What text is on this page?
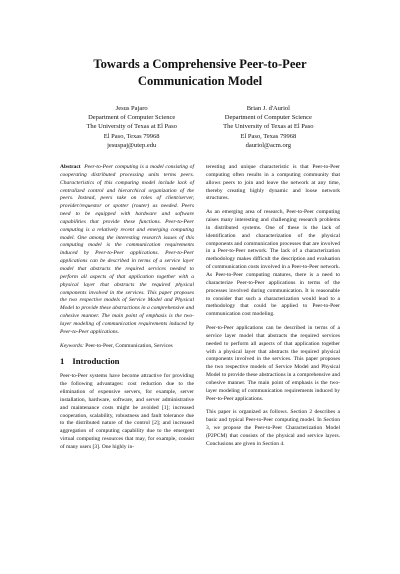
Towards a Comprehensive Peer-to-Peer
Communication Model
Jesus Pajaro
Department of Computer Science
The University of Texas at El Paso
El Paso, Texas 79968
jesuspaj@utep.edu
Brian J. d'Auriol
Department of Computer Science
The University of Texas at El Paso
El Paso, Texas 79968
dauriol@acm.org

Abstract Peer-to-Peer computing is a model consisting of cooperating distributed processing units terms peers. Characteristics of this computing model include lack of centralized control and hierarchical organization of the peers. Instead, peers take on roles of client/server, provider/requestor or spotter (router) as needed. Peers need to be equipped with hardware and software capabilities that provide these functions. Peer-to-Peer computing is a relatively recent and emerging computing model. One among the interesting research issues of this computing model is the communication requirements induced by Peer-to-Peer applications. Peer-to-Peer applications can be described in terms of a service layer model that abstracts the required services needed to perform all aspects of that application together with a physical layer that abstracts the required physical components involved in the services. This paper proposes the two respective models of Service Model and Physical Model to provide these abstractions in a comprehensive and cohesive manner. The main point of emphasis is the two-layer modeling of communication requirements induced by Peer-to-Peer applications.

Keywords: Peer-to-Peer, Communication, Services

1 Introduction

Peer-to-Peer systems have become attractive for providing the following advantages: cost reduction due to the elimination of expensive servers, for example, server installation, hardware, software, and server administrative and maintenance costs might be avoided [1]; increased cooperation, scalability, robustness and fault tolerance due to the distributed nature of the control [2]; and increased aggregation of computing capability due to the emergent virtual computing resources that may, for example, consist of many users [3]. One highly in-

teresting and unique characteristic is that Peer-to-Peer computing often results in a computing community that allows peers to join and leave the network at any time, thereby creating highly dynamic and loose network structures.

As an emerging area of research, Peer-to-Peer computing raises many interesting and challenging research problems in distributed systems. One of these is the lack of identification and characterization of the physical components and communication processes that are involved in a Peer-to-Peer network. The lack of a characterization methodology makes difficult the description and evaluation of communication costs involved in a Peer-to-Peer network. As Peer-to-Peer computing matures, there is a need to characterize Peer-to-Peer applications in terms of the processes involved during communication. It is reasonable to consider that such a characterization would lead to a methodology that could be applied to Peer-to-Peer communication cost modeling.

Peer-to-Peer applications can be described in terms of a service layer model that abstracts the required services needed to perform all aspects of that application together with a physical layer that abstracts the required physical components involved in the services. This paper proposes the two respective models of Service Model and Physical Model to provide these abstractions in a comprehensive and cohesive manner. The main point of emphasis is the two-layer modeling of communication requirements induced by Peer-to-Peer applications.

This paper is organized as follows. Section 2 describes a basic and typical Peer-to-Peer computing model. In Section 3, we propose the Peer-to-Peer Characterization Model (P2PCM) that consists of the physical and service layers. Conclusions are given in Section 4.
